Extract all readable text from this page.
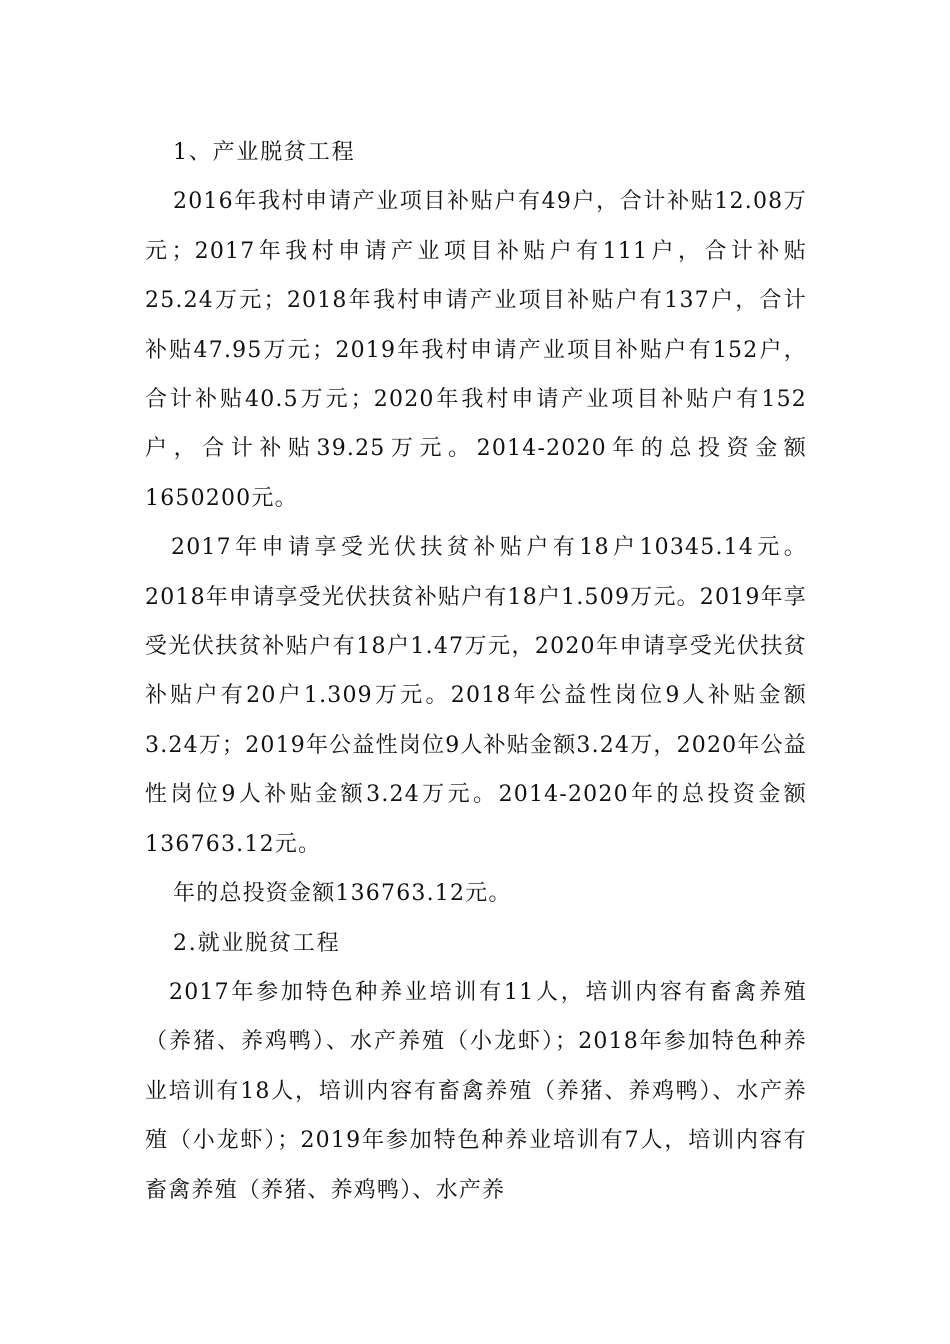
1、产业脱贫工程

2016年我村申请产业项目补贴户有49户，合计补贴12.08万元；2017年我村申请产业项目补贴户有111户，合计补贴25.24万元；2018年我村申请产业项目补贴户有137户，合计补贴47.95万元；2019年我村申请产业项目补贴户有152户，合计补贴40.5万元；2020年我村申请产业项目补贴户有152户，合计补贴39.25万元。2014-2020年的总投资金额1650200元。

2017年申请享受光伏扶贫补贴户有18户10345.14元。2018年申请享受光伏扶贫补贴户有18户1.509万元。2019年享受光伏扶贫补贴户有18户1.47万元，2020年申请享受光伏扶贫补贴户有20户1.309万元。2018年公益性岗位9人补贴金额3.24万；2019年公益性岗位9人补贴金额3.24万，2020年公益性岗位9人补贴金额3.24万元。2014-2020年的总投资金额136763.12元。

年的总投资金额136763.12元。

2.就业脱贫工程

2017年参加特色种养业培训有11人，培训内容有畜禽养殖（养猪、养鸡鸭）、水产养殖（小龙虾）；2018年参加特色种养业培训有18人，培训内容有畜禽养殖（养猪、养鸡鸭）、水产养殖（小龙虾）；2019年参加特色种养业培训有7人，培训内容有畜禽养殖（养猪、养鸡鸭）、水产养
